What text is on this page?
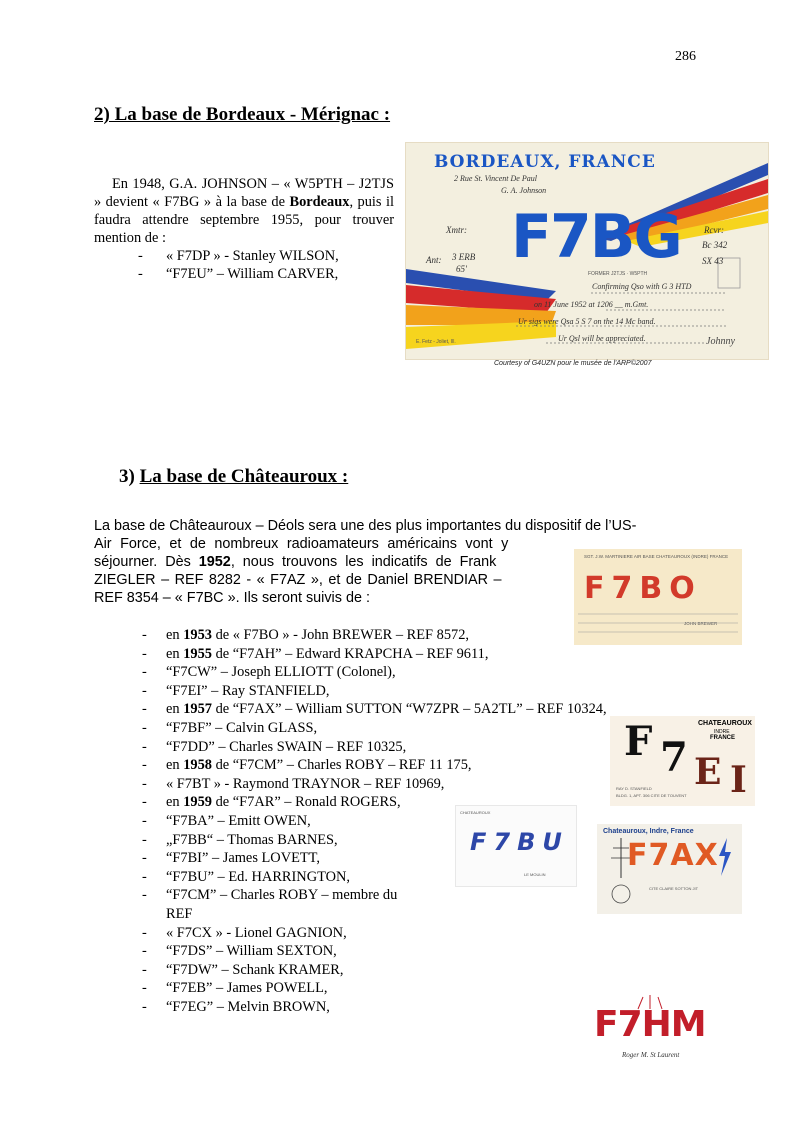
286
2) La base de Bordeaux - Mérignac :
En 1948, G.A. JOHNSON – « W5PTH – J2TJS » devient « F7BG » à la base de Bordeaux, puis il faudra attendre septembre 1955, pour trouver mention de :
- « F7DP » - Stanley WILSON,
- “F7EU” – William CARVER,
BORDEAUX, FRANCE
2 Rue St. Vincent De Paul
G. A. Johnson
F7BG
FORMER J2TJS · W5PTH
Xmtr:	Rcvr:
Bc 342
SX 43
Ant: 3 ERB
65'
Confirming Qso with G 3 HTD
on 11 June 1952 at 1206 __ m.Gmt.
Ur sigs were Qsa 5 S 7 on the 14 Mc band.
Ur Qsl will be appreciated.	Johnny
E. Fetz - Joliet, Ill.
Courtesy of G4UZN pour le musée de l'ARP©2007
3) La base de Châteauroux :
La base de Châteauroux – Déols sera une des plus importantes du dispositif de l’US-
Air Force, et de nombreux radioamateurs américains vont y
séjourner. Dès 1952, nous trouvons les indicatifs de Frank
ZIEGLER – REF 8282 - « F7AZ », et de Daniel BRENDIAR –
REF 8354 – « F7BC ». Ils seront suivis de :
- en 1953 de « F7BO » - John BREWER – REF 8572,
- en 1955 de “F7AH” – Edward KRAPCHA – REF 9611,
- “F7CW” – Joseph ELLIOTT (Colonel),
- “F7EI” – Ray STANFIELD,
- en 1957 de “F7AX” – William SUTTON “W7ZPR – 5A2TL” – REF 10324,
- “F7BF” – Calvin GLASS,
- “F7DD” – Charles SWAIN – REF 10325,
- en 1958 de “F7CM” – Charles ROBY – REF 11 175,
- « F7BT » - Raymond TRAYNOR – REF 10969,
- en 1959 de “F7AR” – Ronald ROGERS,
- “F7BA” – Emitt OWEN,
- „F7BB“ – Thomas BARNES,
- “F7BI” – James LOVETT,
- “F7BU” – Ed. HARRINGTON,
- “F7CM” – Charles ROBY – membre du
REF
- « F7CX » - Lionel GAGNION,
- “F7DS” – William SEXTON,
- “F7DW” – Schank KRAMER,
- “F7EB” – James POWELL,
- “F7EG” – Melvin BROWN,
SGT. J.W. MARTINIERE AIR BASE CHATEAUROUX (INDRE) FRANCE
F7BO
JOHN BREWER
CHATEAUROUX
INDRE
FRANCE
F 7 E I
RAY D. STANFIELD
BLDG. 1, APT. 306 CITE DE TOUVENT
CHATEAUROUX
F7BU
LE MOULIN
Chateauroux, Indre, France
F7AX
CITE CLAIRE SOTTON JIT
F7HM
Roger M. St Laurent
